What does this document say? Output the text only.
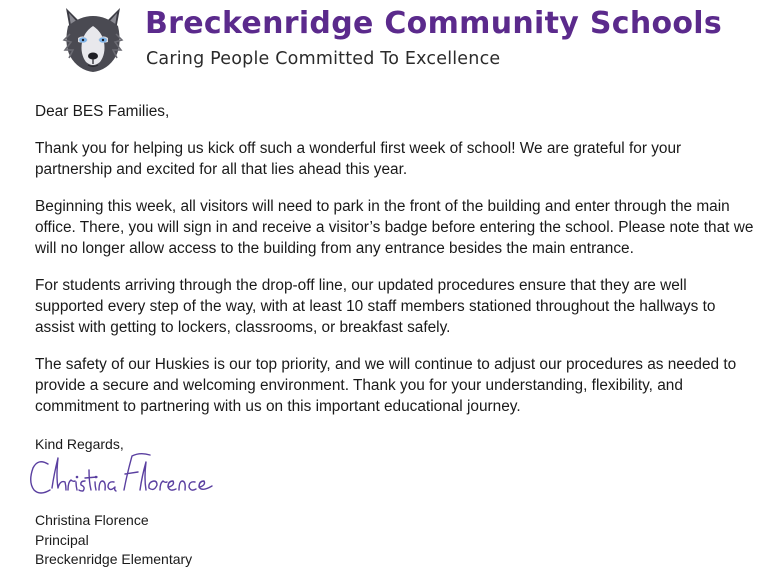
Breckenridge Community Schools

Caring People Committed To Excellence

Dear BES Families,

Thank you for helping us kick off such a wonderful first week of school! We are grateful for your partnership and excited for all that lies ahead this year.

Beginning this week, all visitors will need to park in the front of the building and enter through the main office. There, you will sign in and receive a visitor’s badge before entering the school. Please note that we will no longer allow access to the building from any entrance besides the main entrance.

For students arriving through the drop-off line, our updated procedures ensure that they are well supported every step of the way, with at least 10 staff members stationed throughout the hallways to assist with getting to lockers, classrooms, or breakfast safely.

The safety of our Huskies is our top priority, and we will continue to adjust our procedures as needed to provide a secure and welcoming environment. Thank you for your understanding, flexibility, and commitment to partnering with us on this important educational journey.

Kind Regards,

Christina Florence
Principal
Breckenridge Elementary
